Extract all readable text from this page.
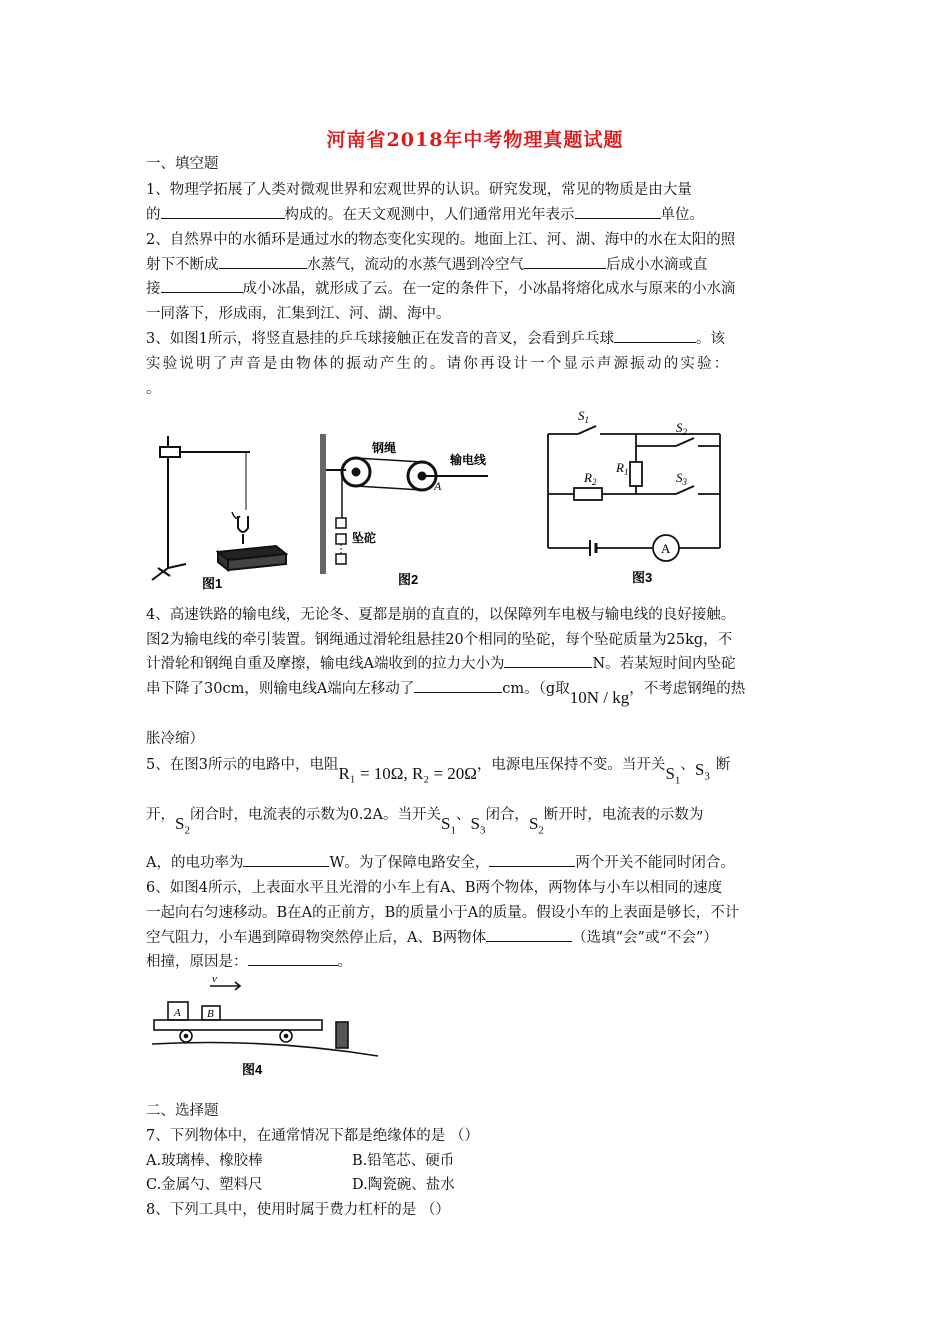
河南省2018年中考物理真题试题
一、填空题
1、物理学拓展了人类对微观世界和宏观世界的认识。研究发现，常见的物质是由大量
的	构成的。在天文观测中，人们通常用光年表示	单位。
2、自然界中的水循环是通过水的物态变化实现的。地面上江、河、湖、海中的水在太阳的照
射下不断成	水蒸气，流动的水蒸气遇到冷空气	后成小水滴或直
接	成小冰晶，就形成了云。在一定的条件下，小冰晶将熔化成水与原来的小水滴
一同落下，形成雨，汇集到江、河、湖、海中。
3、如图1所示，将竖直悬挂的乒乓球接触正在发音的音叉，会看到乒乓球	。该
实验说明了声音是由物体的振动产生的。请你再设计一个显示声源振动的实验：
。
图1
钢绳
输电线
A
坠砣
图2
$S_1$	$S_2$
$S_3$
$R_1$
$R_2$
A
图3
4、高速铁路的输电线，无论冬、夏都是崩的直直的，以保障列车电极与输电线的良好接触。
图2为输电线的牵引装置。钢绳通过滑轮组悬挂20个相同的坠砣，每个坠砣质量为25kg，不
计滑轮和钢绳自重及摩擦，输电线A端收到的拉力大小为	N。若某短时间内坠砣
串下降了30cm，则输电线A端向左移动了	cm。（g取10N / kg，不考虑钢绳的热
胀冷缩）
5、在图3所示的电路中，电阻R₁ = 10Ω, R₂ = 20Ω，电源电压保持不变。当开关$S_1$、$S_3$断
开，$S_2$闭合时，电流表的示数为0.2A。当开关$S_1$、$S_3$闭合，$S_2$断开时，电流表的示数为
A，的电功率为	W。为了保障电路安全，	两个开关不能同时闭合。
6、如图4所示，上表面水平且光滑的小车上有A、B两个物体，两物体与小车以相同的速度
一起向右匀速移动。B在A的正前方，B的质量小于A的质量。假设小车的上表面是够长，不计
空气阻力，小车遇到障碍物突然停止后，A、B两物体	（选填“会”或“不会”）
相撞，原因是：	。
v
A B
图4
二、选择题
7、下列物体中，在通常情况下都是绝缘体的是 （）
A.玻璃棒、橡胶棒	B.铅笔芯、硬币
C.金属勺、塑料尺	D.陶瓷碗、盐水
8、下列工具中，使用时属于费力杠杆的是 （）
